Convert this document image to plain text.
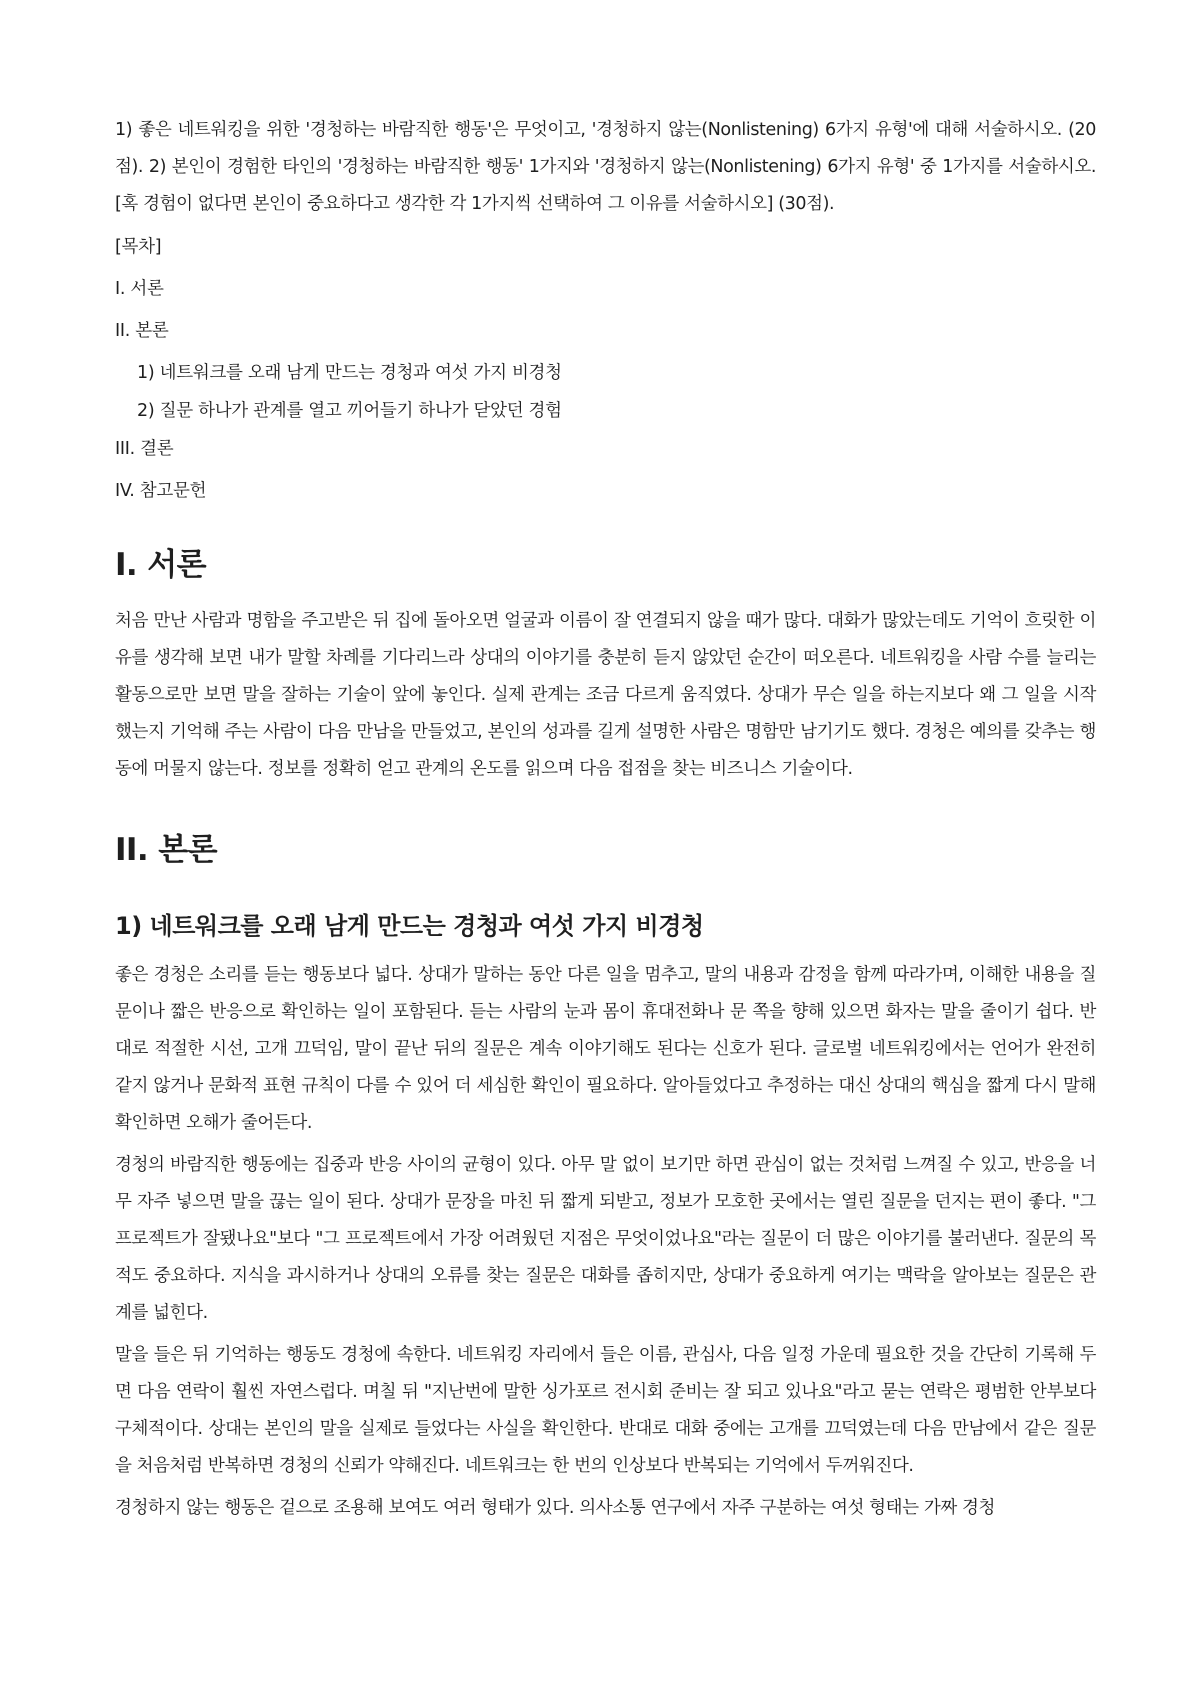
1) 좋은 네트워킹을 위한 '경청하는 바람직한 행동'은 무엇이고, '경청하지 않는(Nonlistening) 6가지 유형'에 대해 서술하시오. (20점). 2) 본인이 경험한 타인의 '경청하는 바람직한 행동' 1가지와 '경청하지 않는(Nonlistening) 6가지 유형' 중 1가지를 서술하시오. [혹 경험이 없다면 본인이 중요하다고 생각한 각 1가지씩 선택하여 그 이유를 서술하시오] (30점).

[목차]

I. 서론

II. 본론

1) 네트워크를 오래 남게 만드는 경청과 여섯 가지 비경청

2) 질문 하나가 관계를 열고 끼어들기 하나가 닫았던 경험

III. 결론

IV. 참고문헌

I. 서론

처음 만난 사람과 명함을 주고받은 뒤 집에 돌아오면 얼굴과 이름이 잘 연결되지 않을 때가 많다. 대화가 많았는데도 기억이 흐릿한 이유를 생각해 보면 내가 말할 차례를 기다리느라 상대의 이야기를 충분히 듣지 않았던 순간이 떠오른다. 네트워킹을 사람 수를 늘리는 활동으로만 보면 말을 잘하는 기술이 앞에 놓인다. 실제 관계는 조금 다르게 움직였다. 상대가 무슨 일을 하는지보다 왜 그 일을 시작했는지 기억해 주는 사람이 다음 만남을 만들었고, 본인의 성과를 길게 설명한 사람은 명함만 남기기도 했다. 경청은 예의를 갖추는 행동에 머물지 않는다. 정보를 정확히 얻고 관계의 온도를 읽으며 다음 접점을 찾는 비즈니스 기술이다.

II. 본론
1) 네트워크를 오래 남게 만드는 경청과 여섯 가지 비경청

좋은 경청은 소리를 듣는 행동보다 넓다. 상대가 말하는 동안 다른 일을 멈추고, 말의 내용과 감정을 함께 따라가며, 이해한 내용을 질문이나 짧은 반응으로 확인하는 일이 포함된다. 듣는 사람의 눈과 몸이 휴대전화나 문 쪽을 향해 있으면 화자는 말을 줄이기 쉽다. 반대로 적절한 시선, 고개 끄덕임, 말이 끝난 뒤의 질문은 계속 이야기해도 된다는 신호가 된다. 글로벌 네트워킹에서는 언어가 완전히 같지 않거나 문화적 표현 규칙이 다를 수 있어 더 세심한 확인이 필요하다. 알아들었다고 추정하는 대신 상대의 핵심을 짧게 다시 말해 확인하면 오해가 줄어든다.

경청의 바람직한 행동에는 집중과 반응 사이의 균형이 있다. 아무 말 없이 보기만 하면 관심이 없는 것처럼 느껴질 수 있고, 반응을 너무 자주 넣으면 말을 끊는 일이 된다. 상대가 문장을 마친 뒤 짧게 되받고, 정보가 모호한 곳에서는 열린 질문을 던지는 편이 좋다. "그 프로젝트가 잘됐나요"보다 "그 프로젝트에서 가장 어려웠던 지점은 무엇이었나요"라는 질문이 더 많은 이야기를 불러낸다. 질문의 목적도 중요하다. 지식을 과시하거나 상대의 오류를 찾는 질문은 대화를 좁히지만, 상대가 중요하게 여기는 맥락을 알아보는 질문은 관계를 넓힌다.

말을 들은 뒤 기억하는 행동도 경청에 속한다. 네트워킹 자리에서 들은 이름, 관심사, 다음 일정 가운데 필요한 것을 간단히 기록해 두면 다음 연락이 훨씬 자연스럽다. 며칠 뒤 "지난번에 말한 싱가포르 전시회 준비는 잘 되고 있나요"라고 묻는 연락은 평범한 안부보다 구체적이다. 상대는 본인의 말을 실제로 들었다는 사실을 확인한다. 반대로 대화 중에는 고개를 끄덕였는데 다음 만남에서 같은 질문을 처음처럼 반복하면 경청의 신뢰가 약해진다. 네트워크는 한 번의 인상보다 반복되는 기억에서 두꺼워진다.

경청하지 않는 행동은 겉으로 조용해 보여도 여러 형태가 있다. 의사소통 연구에서 자주 구분하는 여섯 형태는 가짜 경청
